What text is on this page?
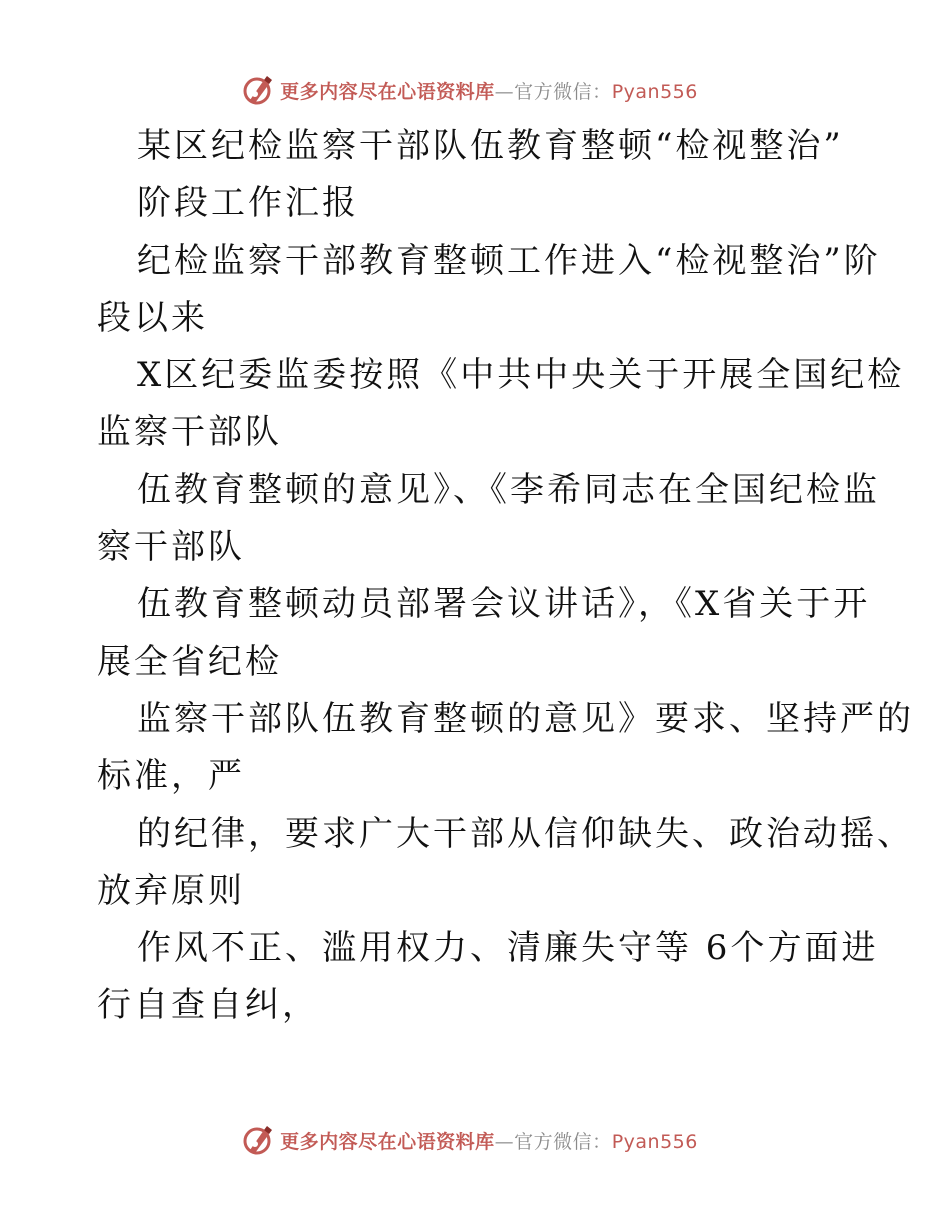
更多内容尽在心语资料库—官方微信：Pyan556
某区纪检监察干部队伍教育整顿“检视整治”
阶段工作汇报
纪检监察干部教育整顿工作进入“检视整治”阶
段以来
X区纪委监委按照《中共中央关于开展全国纪检
监察干部队
伍教育整顿的意见》、《李希同志在全国纪检监
察干部队
伍教育整顿动员部署会议讲话》，《X省关于开
展全省纪检
监察干部队伍教育整顿的意见》要求、坚持严的
标准，严
的纪律，要求广大干部从信仰缺失、政治动摇、
放弃原则
作风不正、滥用权力、清廉失守等 6个方面进
行自查自纠，
更多内容尽在心语资料库—官方微信：Pyan556
